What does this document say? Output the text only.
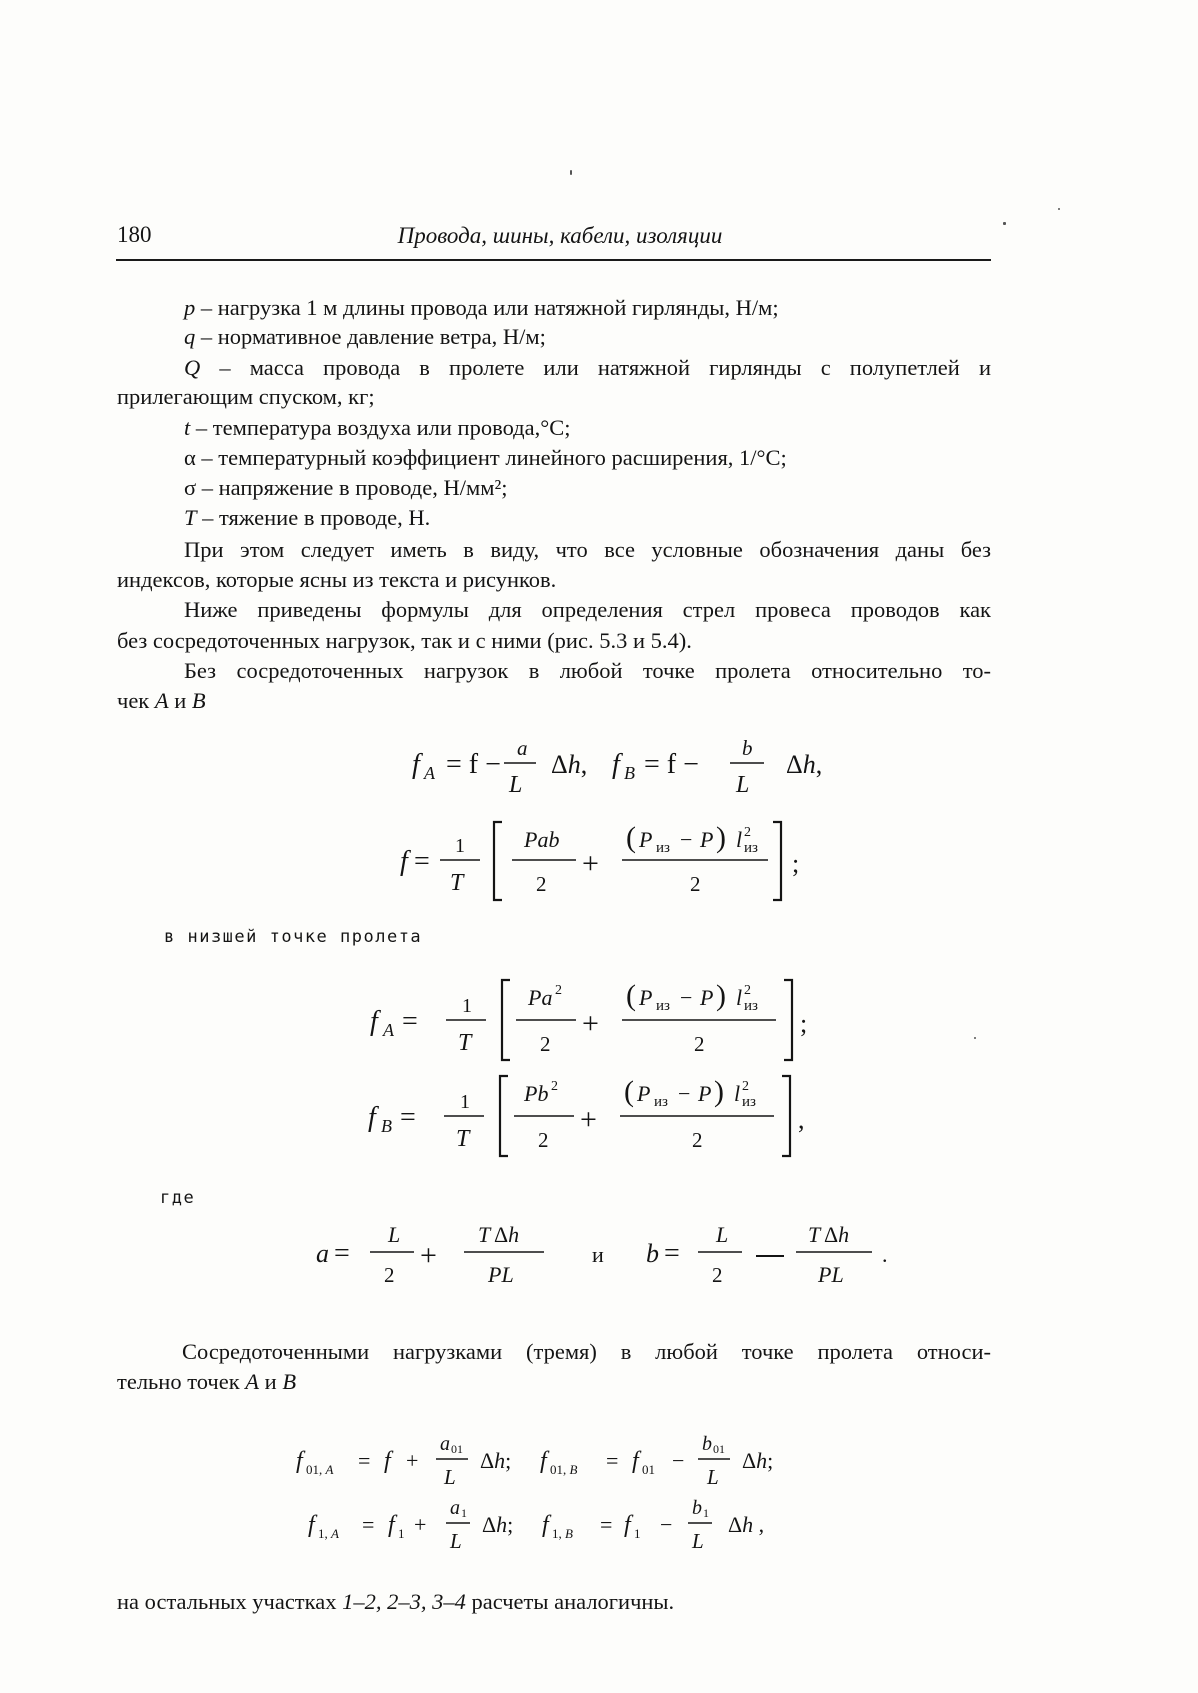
180	Провода, шины, кабели, изоляции
p – нагрузка 1 м длины провода или натяжной гирлянды, Н/м;
q – нормативное давление ветра, Н/м;
Q – масса провода в пролете или натяжной гирлянды с полупетлей и
прилегающим спуском, кг;
t – температура воздуха или провода,°С;
α – температурный коэффициент линейного расширения, 1/°С;
σ – напряжение в проводе, Н/мм²;
T – тяжение в проводе, Н.
При этом следует иметь в виду, что все условные обозначения даны без
индексов, которые ясны из текста и рисунков.
Ниже приведены формулы для определения стрел провеса проводов как
без сосредоточенных нагрузок, так и с ними (рис. 5.3 и 5.4).
Без сосредоточенных нагрузок в любой точке пролета относительно то-
чек A и B
в низшей точке пролета
где
Сосредоточенными нагрузками (тремя) в любой точке пролета относи-
тельно точек A и B
на остальных участках 1–2, 2–3, 3–4 расчеты аналогичны.
f A = f −
a
L
Δh, f B = f −
b
L
Δh,
f = 1
T
Pab
2
+
( P из − P ) l 2
из
2
;
f A = 1
T
Pa 2
2
+
( P из − P ) l 2
из
2
;
f B = 1
T
Pb 2
2
+
( P из − P ) l 2
из
2
,
a =
L
2
+
T Δh
PL
и b =
L
2
T Δh
PL
.
f 01, A = f +
a 01
L
Δh; f 01, B = f 01 −
b 01
L
Δh;
f 1, A = f 1 +
a 1
L
Δh; f 1, B = f 1 −
b 1
L
Δh ,
